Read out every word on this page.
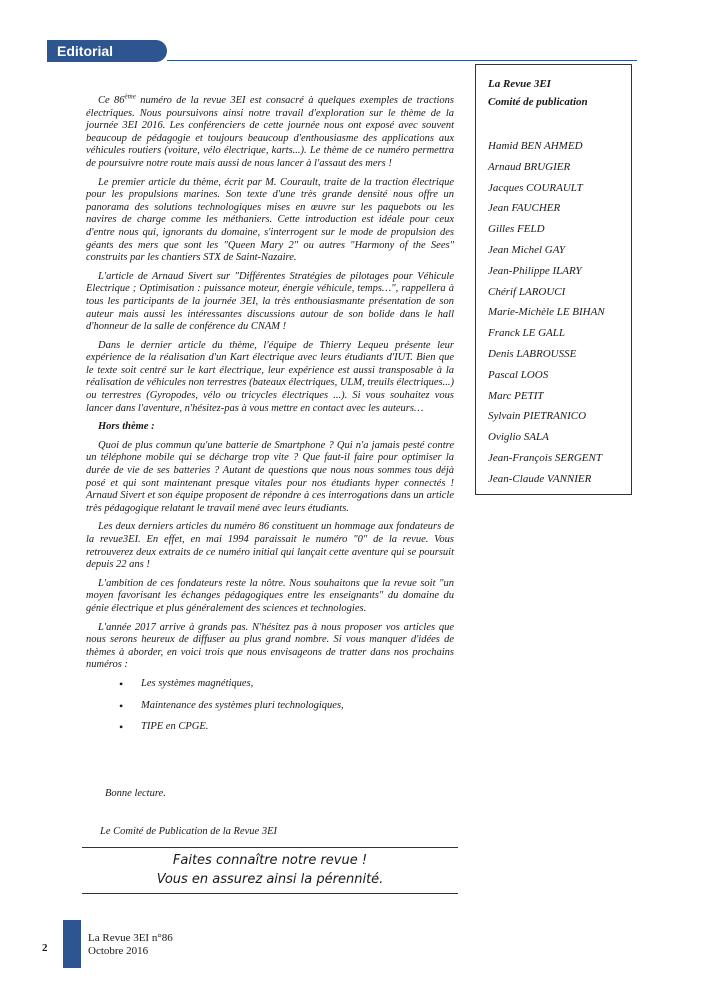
Editorial

Ce 86ème numéro de la revue 3EI est consacré à quelques exemples de tractions électriques. Nous poursuivons ainsi notre travail d'exploration sur le thème de la journée 3EI 2016. Les conférenciers de cette journée nous ont exposé avec souvent beaucoup de pédagogie et toujours beaucoup d'enthousiasme des applications aux véhicules routiers (voiture, vélo électrique, karts...). Le thème de ce numéro permettra de poursuivre notre route mais aussi de nous lancer à l'assaut des mers !

Le premier article du thème, écrit par M. Courault, traite de la traction électrique pour les propulsions marines. Son texte d'une très grande densité nous offre un panorama des solutions technologiques mises en œuvre sur les paquebots ou les navires de charge comme les méthaniers. Cette introduction est idéale pour ceux d'entre nous qui, ignorants du domaine, s'interrogent sur le mode de propulsion des géants des mers que sont les "Queen Mary 2" ou autres "Harmony of the Sees" construits par les chantiers STX de Saint-Nazaire.

L'article de Arnaud Sivert sur "Différentes Stratégies de pilotages pour Véhicule Electrique ; Optimisation : puissance moteur, énergie véhicule, temps…", rappellera à tous les participants de la journée 3EI, la très enthousiasmante présentation de son auteur mais aussi les intéressantes discussions autour de son bolide dans le hall d'honneur de la salle de conférence du CNAM !

Dans le dernier article du thème, l'équipe de Thierry Lequeu présente leur expérience de la réalisation d'un Kart électrique avec leurs étudiants d'IUT. Bien que le texte soit centré sur le kart électrique, leur expérience est aussi transposable à la réalisation de véhicules non terrestres (bateaux électriques, ULM, treuils électriques...) ou terrestres (Gyropodes, vélo ou tricycles électriques ...). Si vous souhaitez vous lancer dans l'aventure, n'hésitez-pas à vous mettre en contact avec les auteurs…

Hors thème :

Quoi de plus commun qu'une batterie de Smartphone ? Qui n'a jamais pesté contre un téléphone mobile qui se décharge trop vite ? Que faut-il faire pour optimiser la durée de vie de ses batteries ? Autant de questions que nous nous sommes tous déjà posé et qui sont maintenant presque vitales pour nos étudiants hyper connectés ! Arnaud Sivert et son équipe proposent de répondre à ces interrogations dans un article très pédagogique relatant le travail mené avec leurs étudiants.

Les deux derniers articles du numéro 86 constituent un hommage aux fondateurs de la revue3EI. En effet, en mai 1994 paraissait le numéro "0" de la revue. Vous retrouverez deux extraits de ce numéro initial qui lançait cette aventure qui se poursuit depuis 22 ans !

L'ambition de ces fondateurs reste la nôtre. Nous souhaitons que la revue soit "un moyen favorisant les échanges pédagogiques entre les enseignants" du domaine du génie électrique et plus généralement des sciences et technologies.

L'année 2017 arrive à grands pas. N'hésitez pas à nous proposer vos articles que nous serons heureux de diffuser au plus grand nombre. Si vous manquer d'idées de thèmes à aborder, en voici trois que nous envisageons de tratter dans nos prochains numéros :

• Les systèmes magnétiques,
• Maintenance des systèmes pluri technologiques,
• TIPE en CPGE.
Bonne lecture.
Le Comité de Publication de la Revue 3EI
La Revue 3EI
Comité de publication
Hamid BEN AHMED
Arnaud BRUGIER
Jacques COURAULT
Jean FAUCHER
Gilles FELD
Jean Michel GAY
Jean-Philippe ILARY
Chérif LAROUCI
Marie-Michèle LE BIHAN
Franck LE GALL
Denis LABROUSSE
Pascal LOOS
Marc PETIT
Sylvain PIETRANICO
Oviglio SALA
Jean-François SERGENT
Jean-Claude VANNIER
Faites connaître notre revue !
Vous en assurez ainsi la pérennité.
2
La Revue 3EI n°86
Octobre 2016
